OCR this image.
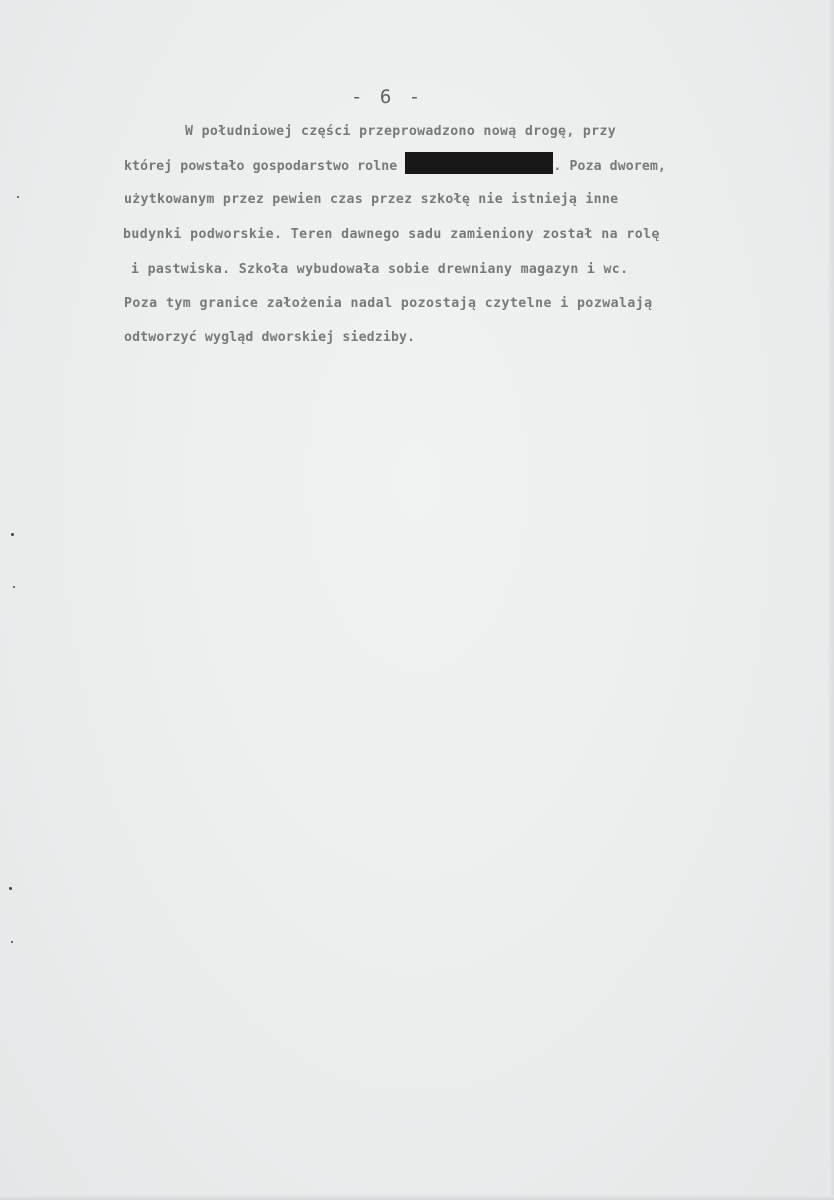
- 6 -
W południowej części przeprowadzono nową drogę, przy
której powstało gospodarstwo rolne	. Poza dworem,
użytkowanym przez pewien czas przez szkołę nie istnieją inne
budynki podworskie. Teren dawnego sadu zamieniony został na rolę
i pastwiska. Szkoła wybudowała sobie drewniany magazyn i wc.
Poza tym granice założenia nadal pozostają czytelne i pozwalają
odtworzyć wygląd dworskiej siedziby.
